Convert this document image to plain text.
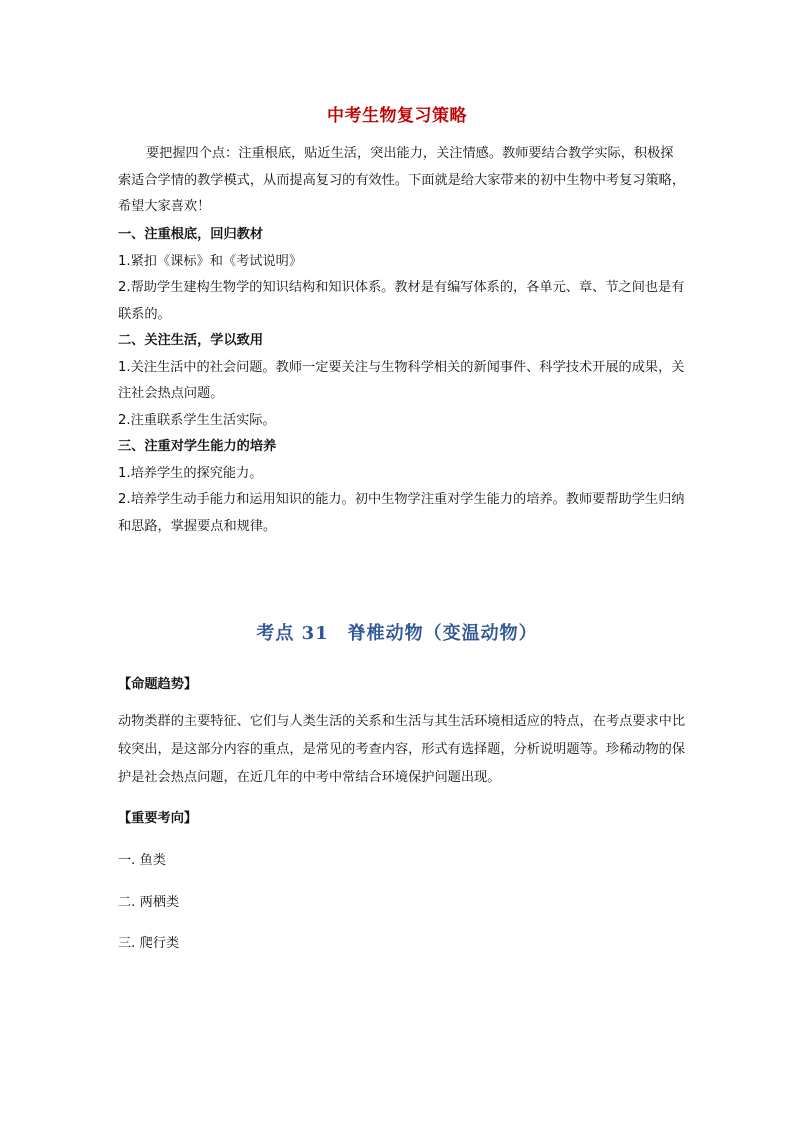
中考生物复习策略
要把握四个点：注重根底，贴近生活，突出能力，关注情感。教师要结合教学实际，积极探索适合学情的教学模式，从而提高复习的有效性。下面就是给大家带来的初中生物中考复习策略，希望大家喜欢！
一、注重根底，回归教材
1.紧扣《课标》和《考试说明》
2.帮助学生建构生物学的知识结构和知识体系。教材是有编写体系的，各单元、章、节之间也是有联系的。
二、关注生活，学以致用
1.关注生活中的社会问题。教师一定要关注与生物科学相关的新闻事件、科学技术开展的成果，关注社会热点问题。
2.注重联系学生生活实际。
三、注重对学生能力的培养
1.培养学生的探究能力。
2.培养学生动手能力和运用知识的能力。初中生物学注重对学生能力的培养。教师要帮助学生归纳和思路，掌握要点和规律。
考点 31　脊椎动物（变温动物）
【命题趋势】
动物类群的主要特征、它们与人类生活的关系和生活与其生活环境相适应的特点，在考点要求中比较突出，是这部分内容的重点，是常见的考查内容，形式有选择题，分析说明题等。珍稀动物的保护是社会热点问题，在近几年的中考中常结合环境保护问题出现。
【重要考向】
一. 鱼类
二. 两栖类
三. 爬行类
